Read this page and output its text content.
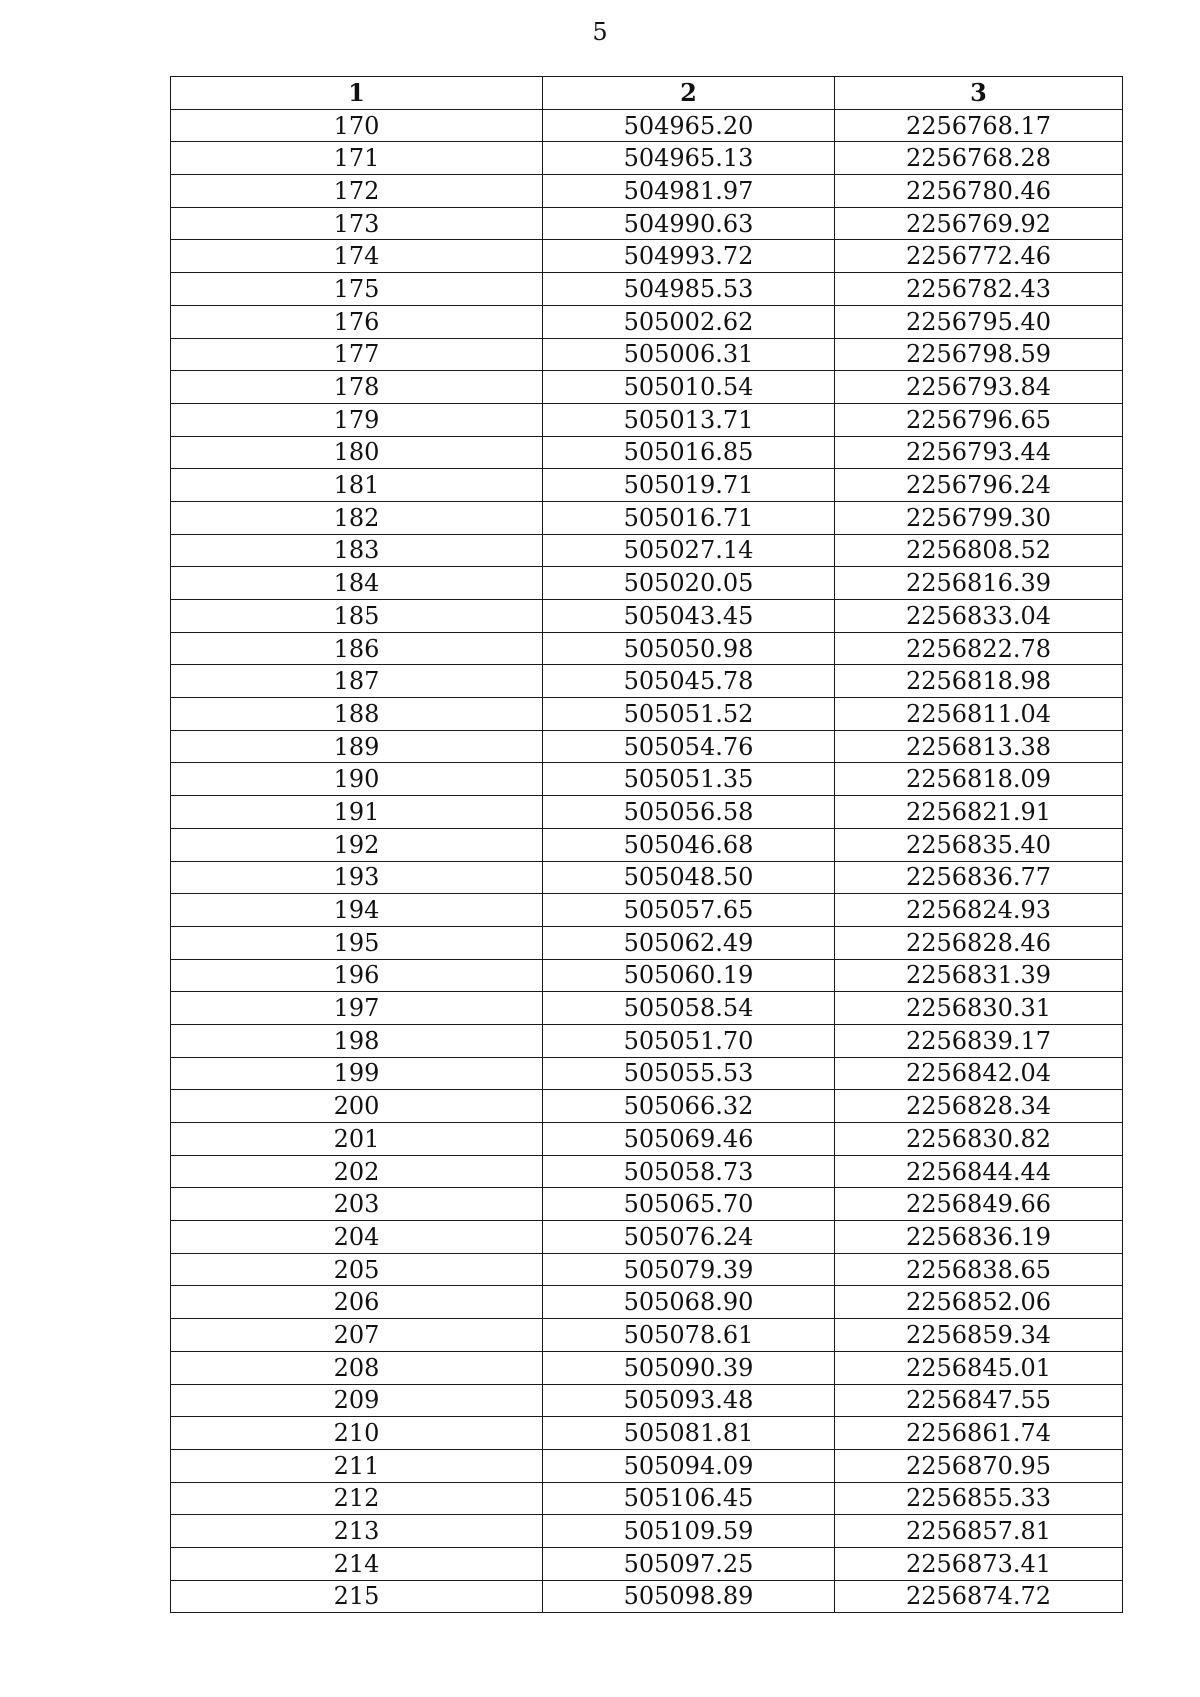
5
1	2	3
170	504965.20	2256768.17
171	504965.13	2256768.28
172	504981.97	2256780.46
173	504990.63	2256769.92
174	504993.72	2256772.46
175	504985.53	2256782.43
176	505002.62	2256795.40
177	505006.31	2256798.59
178	505010.54	2256793.84
179	505013.71	2256796.65
180	505016.85	2256793.44
181	505019.71	2256796.24
182	505016.71	2256799.30
183	505027.14	2256808.52
184	505020.05	2256816.39
185	505043.45	2256833.04
186	505050.98	2256822.78
187	505045.78	2256818.98
188	505051.52	2256811.04
189	505054.76	2256813.38
190	505051.35	2256818.09
191	505056.58	2256821.91
192	505046.68	2256835.40
193	505048.50	2256836.77
194	505057.65	2256824.93
195	505062.49	2256828.46
196	505060.19	2256831.39
197	505058.54	2256830.31
198	505051.70	2256839.17
199	505055.53	2256842.04
200	505066.32	2256828.34
201	505069.46	2256830.82
202	505058.73	2256844.44
203	505065.70	2256849.66
204	505076.24	2256836.19
205	505079.39	2256838.65
206	505068.90	2256852.06
207	505078.61	2256859.34
208	505090.39	2256845.01
209	505093.48	2256847.55
210	505081.81	2256861.74
211	505094.09	2256870.95
212	505106.45	2256855.33
213	505109.59	2256857.81
214	505097.25	2256873.41
215	505098.89	2256874.72
